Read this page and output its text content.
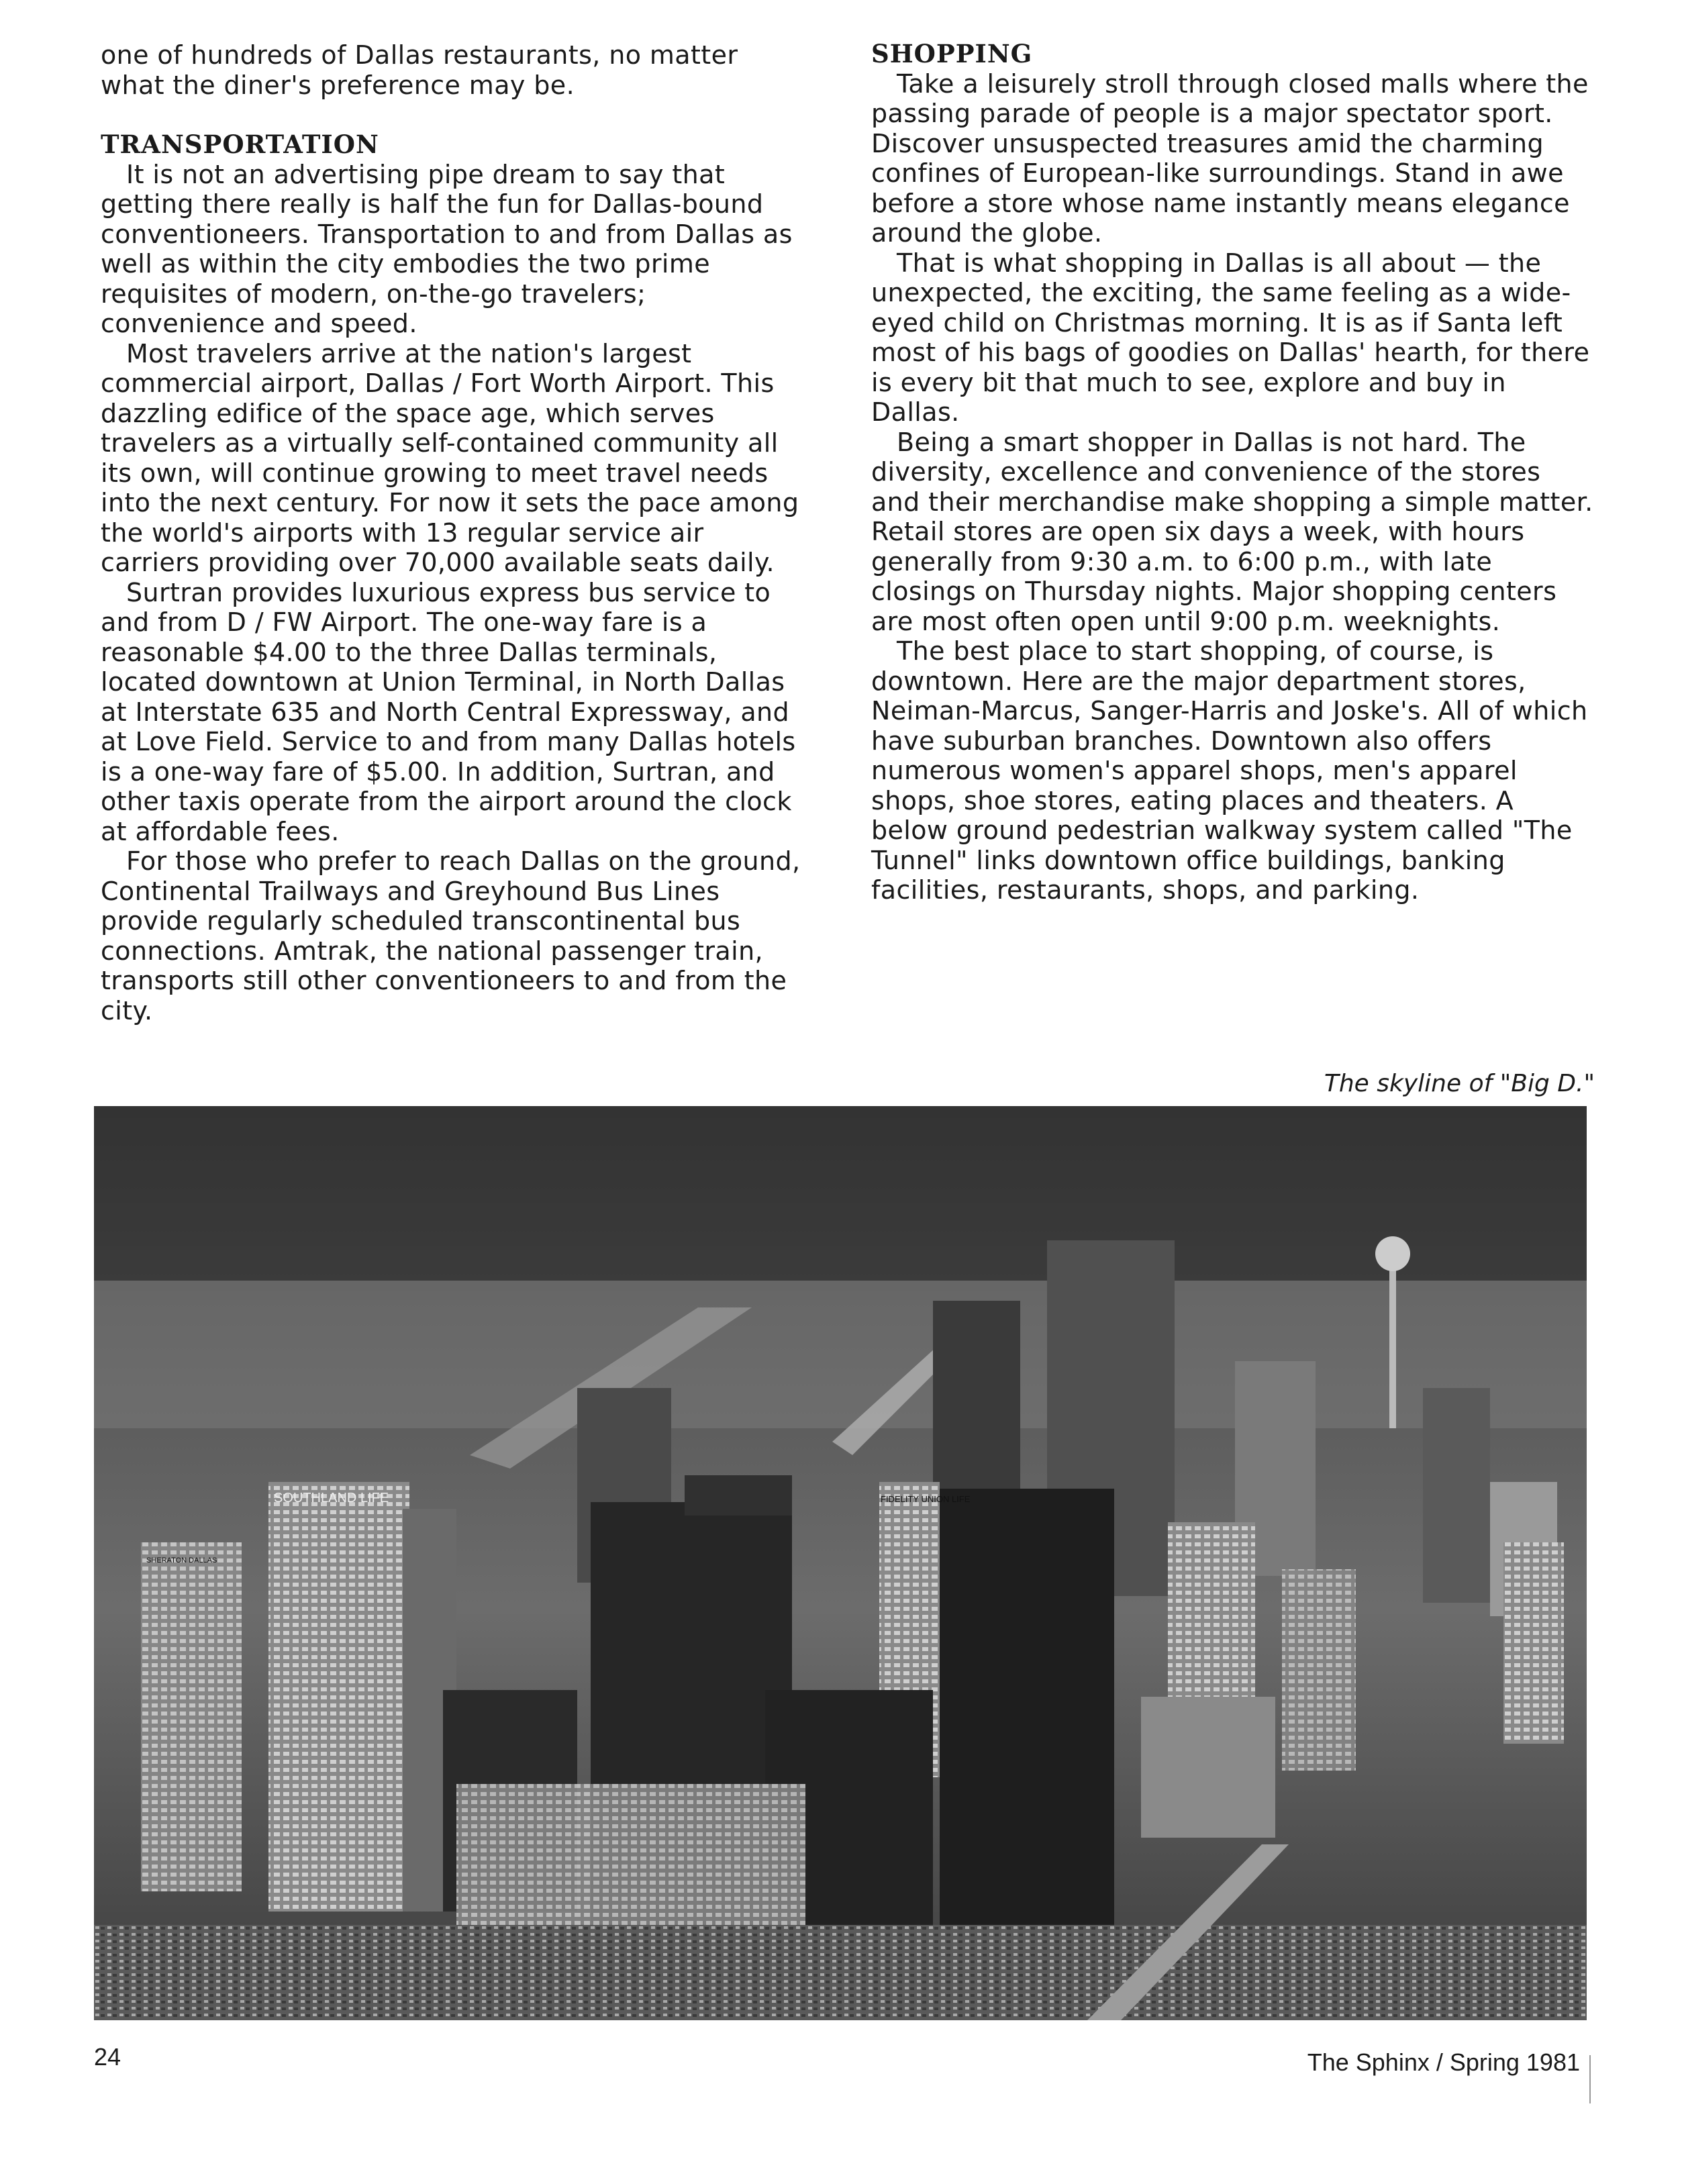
one of hundreds of Dallas restaurants, no matter what the diner's preference may be.

TRANSPORTATION

It is not an advertising pipe dream to say that getting there really is half the fun for Dallas-bound conventioneers. Transportation to and from Dallas as well as within the city embodies the two prime requisites of modern, on-the-go travelers; convenience and speed.

Most travelers arrive at the nation's largest commercial airport, Dallas / Fort Worth Airport. This dazzling edifice of the space age, which serves travelers as a virtually self-contained community all its own, will continue growing to meet travel needs into the next century. For now it sets the pace among the world's airports with 13 regular service air carriers providing over 70,000 available seats daily.

Surtran provides luxurious express bus service to and from D / FW Airport. The one-way fare is a reasonable $4.00 to the three Dallas terminals, located downtown at Union Terminal, in North Dallas at Interstate 635 and North Central Expressway, and at Love Field. Service to and from many Dallas hotels is a one-way fare of $5.00. In addition, Surtran, and other taxis operate from the airport around the clock at affordable fees.

For those who prefer to reach Dallas on the ground, Continental Trailways and Greyhound Bus Lines provide regularly scheduled transcontinental bus connections. Amtrak, the national passenger train, transports still other conventioneers to and from the city.

SHOPPING

Take a leisurely stroll through closed malls where the passing parade of people is a major spectator sport. Discover unsuspected treasures amid the charming confines of European-like surroundings. Stand in awe before a store whose name instantly means elegance around the globe.

That is what shopping in Dallas is all about — the unexpected, the exciting, the same feeling as a wide-eyed child on Christmas morning. It is as if Santa left most of his bags of goodies on Dallas' hearth, for there is every bit that much to see, explore and buy in Dallas.

Being a smart shopper in Dallas is not hard. The diversity, excellence and convenience of the stores and their merchandise make shopping a simple matter. Retail stores are open six days a week, with hours generally from 9:30 a.m. to 6:00 p.m., with late closings on Thursday nights. Major shopping centers are most often open until 9:00 p.m. weeknights.

The best place to start shopping, of course, is downtown. Here are the major department stores, Neiman-Marcus, Sanger-Harris and Joske's. All of which have suburban branches. Downtown also offers numerous women's apparel shops, men's apparel shops, shoe stores, eating places and theaters. A below ground pedestrian walkway system called "The Tunnel" links downtown office buildings, banking facilities, restaurants, shops, and parking.

The skyline of "Big D."
SOUTHLAND LIFE	FIDELITY UNION LIFE
SHERATON DALLAS
24	The Sphinx / Spring 1981
